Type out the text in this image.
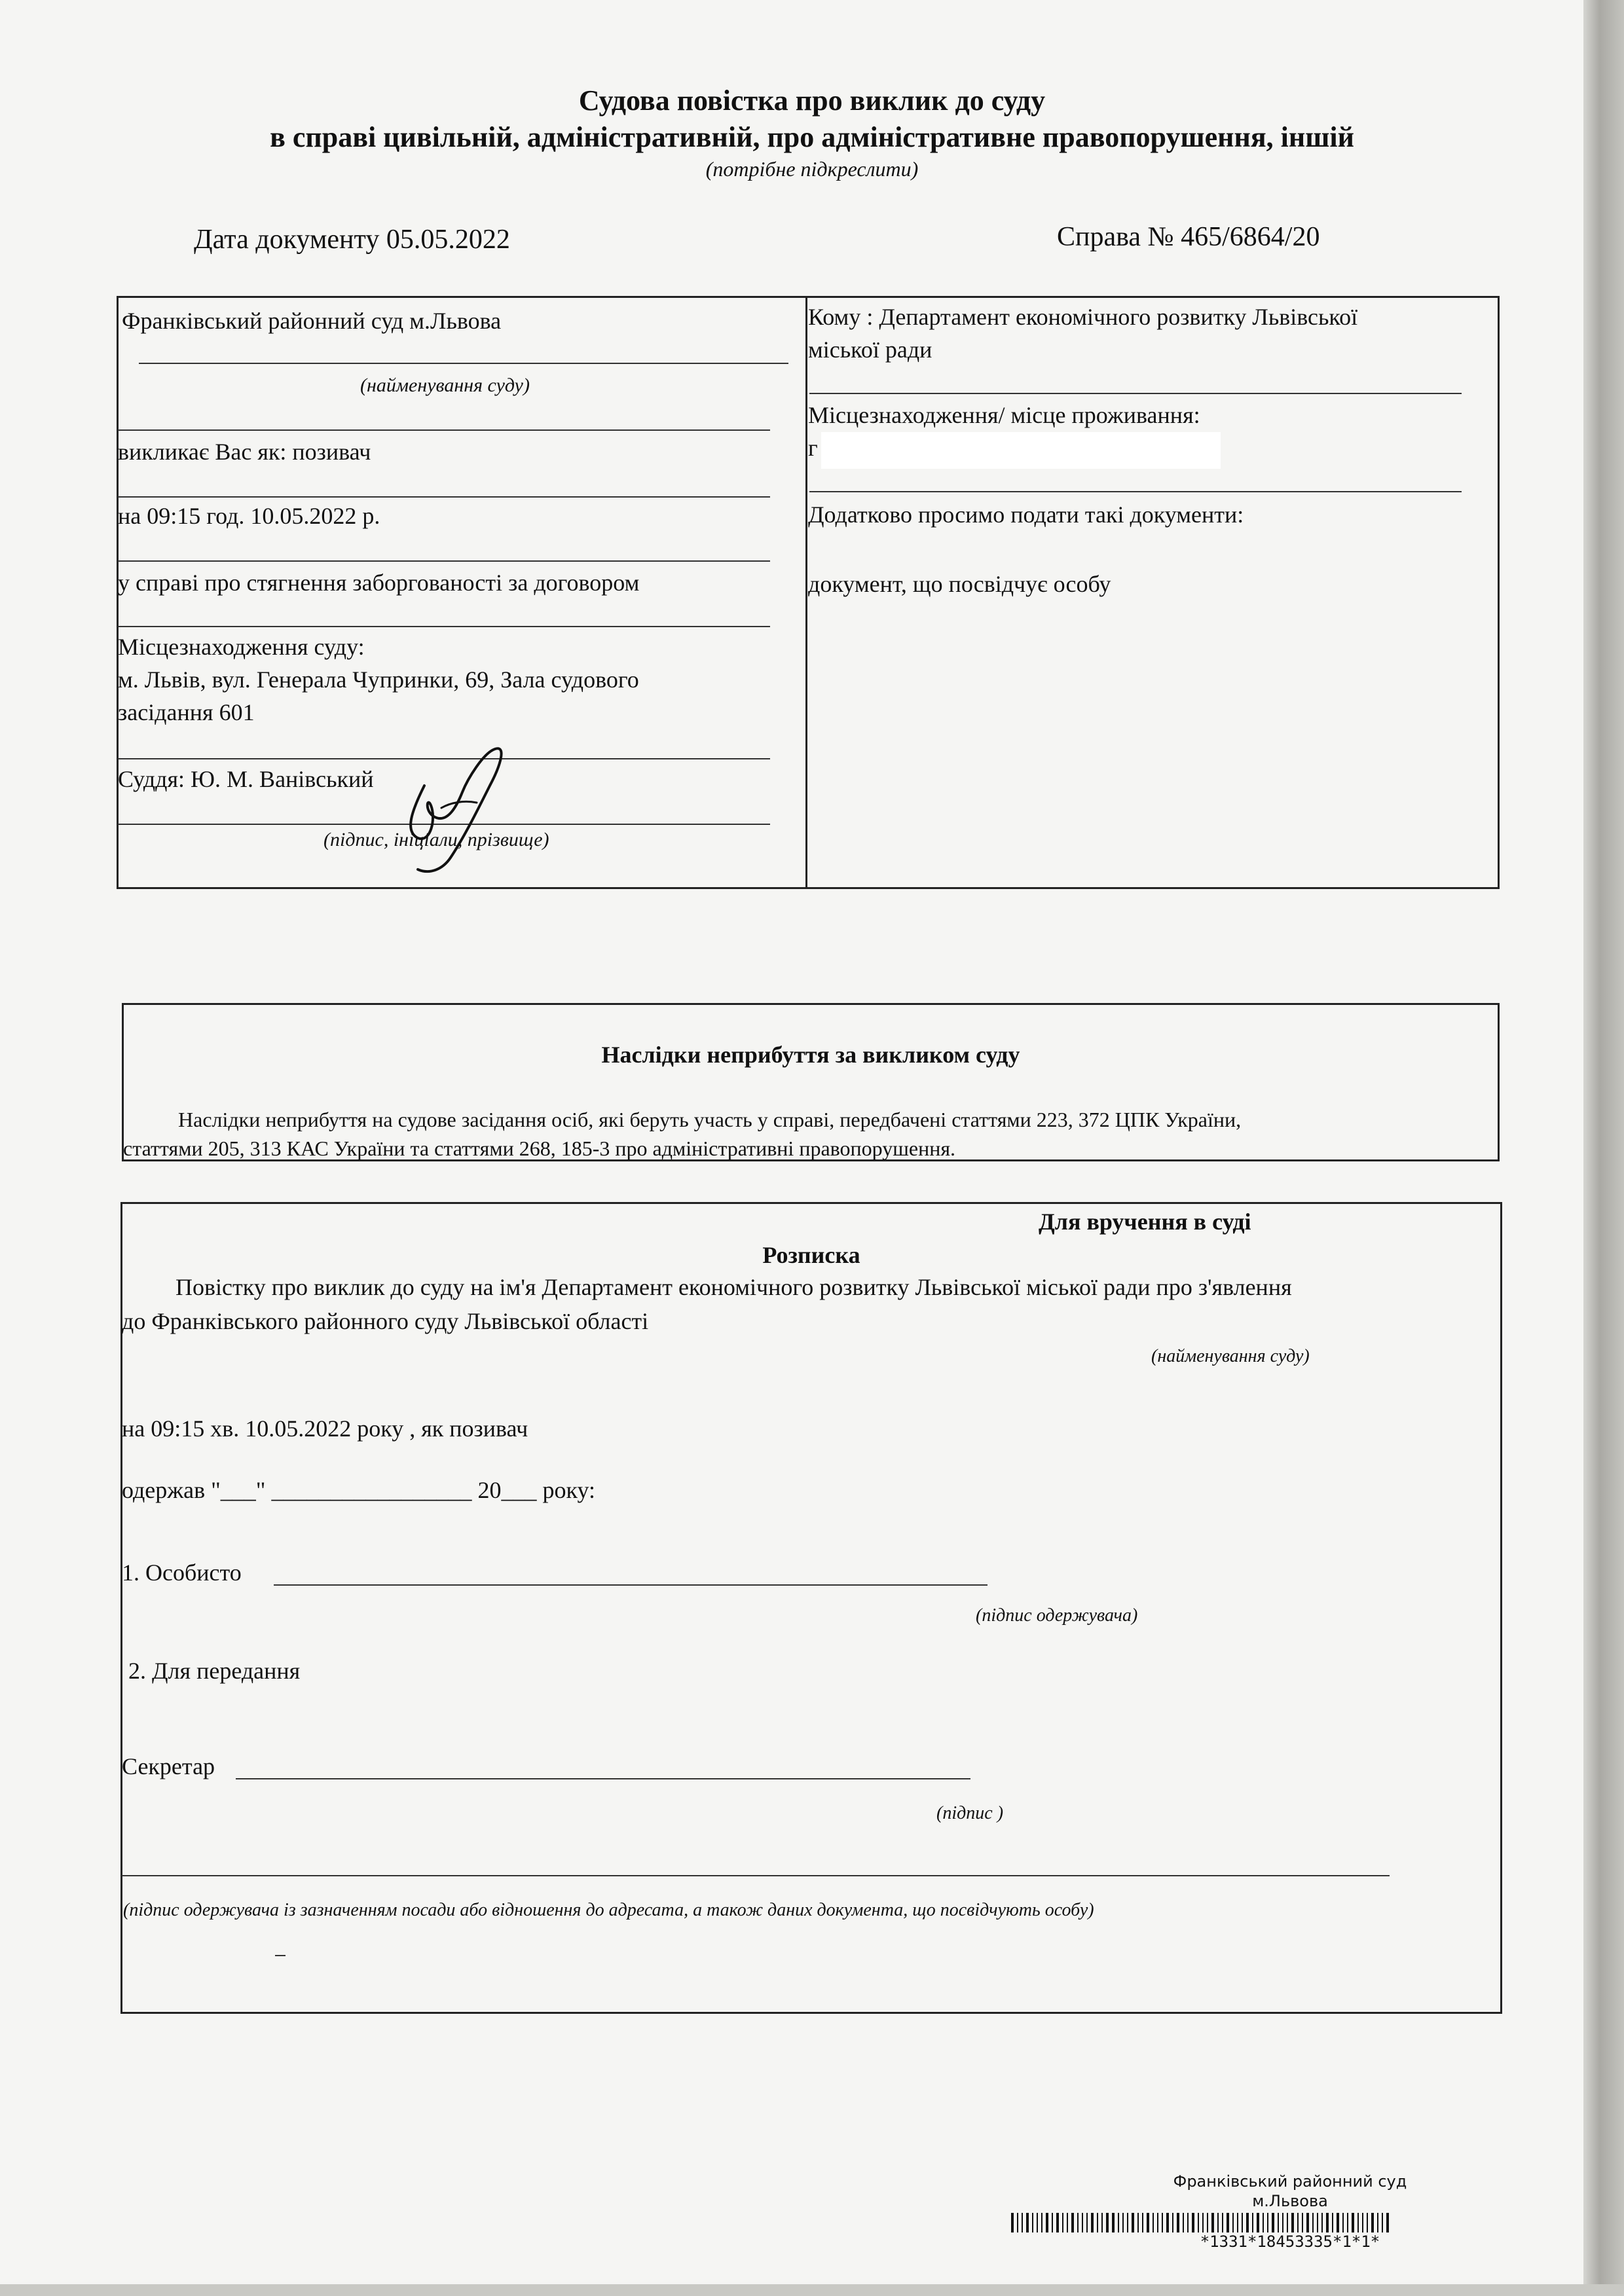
Судова повістка про виклик до суду
в справі цивільній, адміністративній, про адміністративне правопорушення, іншій
(потрібне підкреслити)
Дата документу 05.05.2022	Справа № 465/6864/20
Франківський районний суд м.Львова
(найменування суду)
викликає Вас як: позивач
на 09:15 год. 10.05.2022 р.
у справі про стягнення заборгованості за договором
Місцезнаходження суду:
м. Львів, вул. Генерала Чупринки, 69, Зала судового
засідання 601
Суддя: Ю. М. Ванівський
(підпис, ініціали, прізвище)
Кому : Департамент економічного розвитку Львівської
міської ради
Місцезнаходження/ місце проживання:
г
Додатково просимо подати такі документи:
документ, що посвідчує особу
Наслідки неприбуття за викликом суду
Наслідки неприбуття на судове засідання осіб, які беруть участь у справі, передбачені статтями 223, 372 ЦПК України,
статтями 205, 313 КАС України та статтями 268, 185-3 про адміністративні правопорушення.
Для вручення в суді
Розписка
Повістку про виклик до суду на ім'я Департамент економічного розвитку Львівської міської ради про з'явлення
до Франківського районного суду Львівської області
(найменування суду)
на 09:15 хв. 10.05.2022 року , як позивач
одержав "___" _________________ 20___ року:
1. Особисто
(підпис одержувача)
2. Для передання
Секретар
(підпис )
(підпис одержувача із зазначенням посади або відношення до адресата, а також даних документа, що посвідчують особу)
Франківський районний суд
м.Львова
*1331*18453335*1*1*
